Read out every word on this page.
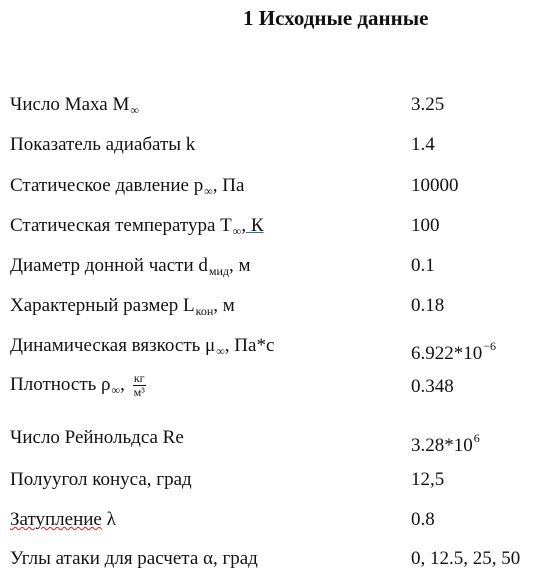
1 Исходные данные
Число Маха $M_\infty$	3.25
Показатель адиабаты k	1.4
Статическое давление $p_\infty$, Па	10000
Статическая температура $T_\infty$, К	100
Диаметр донной части $d_{мид}$, м	0.1
Характерный размер $L_{кон}$, м	0.18
Динамическая вязкость $\mu_\infty$, Па*с	$6.922*10^{-6}$
Плотность $\rho_\infty$, $\frac{кг}{\text{м³}}$	0.348
Число Рейнольдса Re	$3.28*10^6$
Полуугол конуса, град	12,5
Затупление λ	0.8
Углы атаки для расчета α, град	0, 12.5, 25, 50
